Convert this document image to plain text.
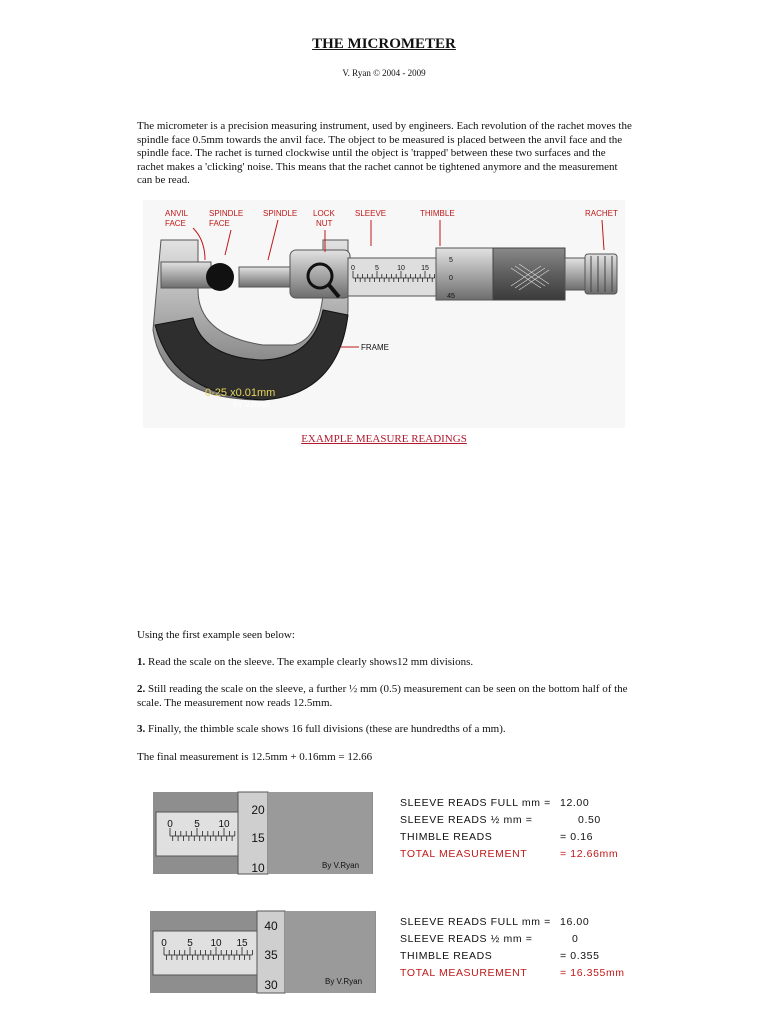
THE MICROMETER
V. Ryan © 2004 - 2009
The micrometer is a precision measuring instrument, used by engineers. Each revolution of the rachet moves the spindle face 0.5mm towards the anvil face. The object to be measured is placed between the anvil face and the spindle face. The rachet is turned clockwise until the object is 'trapped' between these two surfaces and the rachet makes a 'clicking' noise. This means that the rachet cannot be tightened anymore and the measurement can be read.
0-25 x0.01mm
By V.Ryan
0	5	10 15
5
0
45
ANVIL
FACE
SPINDLE
FACE
SPINDLE LOCK
NUT
SLEEVE	THIMBLE	RACHET
FRAME
EXAMPLE MEASURE READINGS
Using the first example seen below:
1. Read the scale on the sleeve. The example clearly shows12 mm divisions.
2. Still reading the scale on the sleeve, a further ½ mm (0.5) measurement can be seen on the bottom half of the scale. The measurement now reads 12.5mm.
3. Finally, the thimble scale shows 16 full divisions (these are hundredths of a mm).
The final measurement is 12.5mm + 0.16mm = 12.66
0 5 10
20
15
10	By V.Ryan
SLEEVE READS FULL mm = 12.00
SLEEVE READS ½ mm =	0.50
THIMBLE READS	= 0.16
TOTAL MEASUREMENT	= 12.66mm
0 5 10 15
40
35
30	By V.Ryan
SLEEVE READS FULL mm = 16.00
SLEEVE READS ½ mm =	0
THIMBLE READS	= 0.355
TOTAL MEASUREMENT	= 16.355mm
